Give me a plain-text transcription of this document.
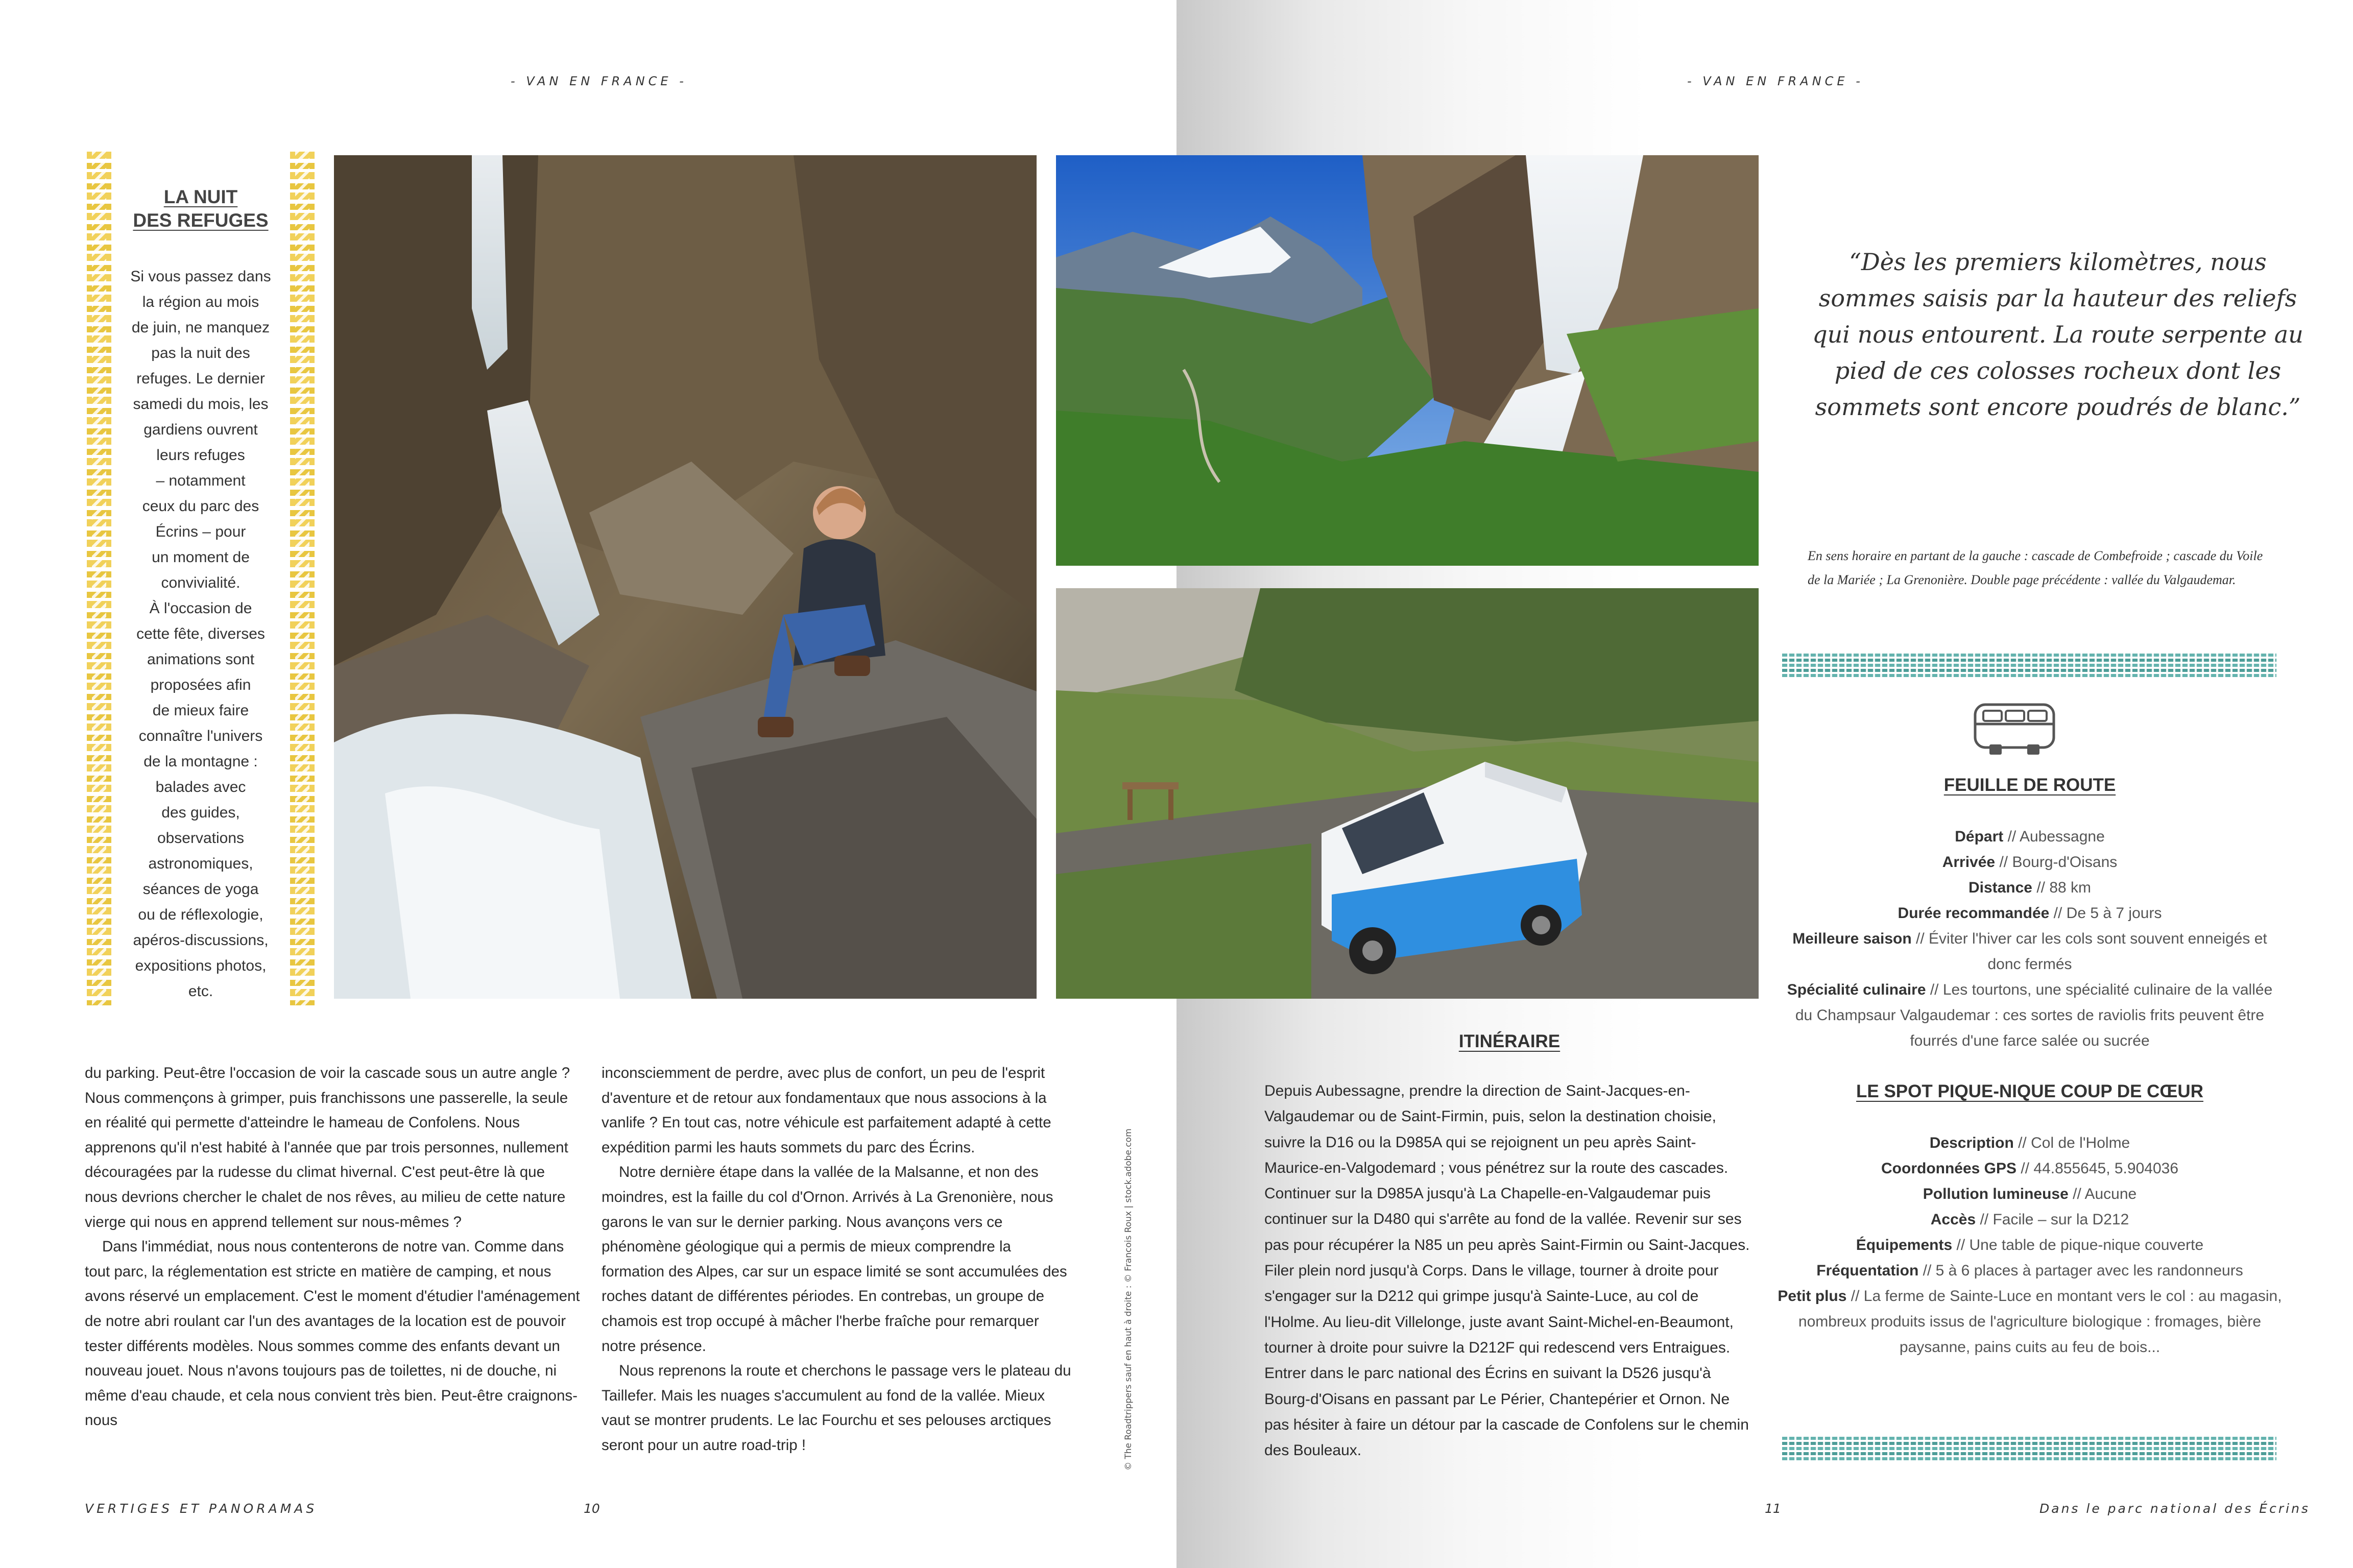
- VAN EN FRANCE -
LA NUIT
DES REFUGES
Si vous passez dans
la région au mois
de juin, ne manquez
pas la nuit des
refuges. Le dernier
samedi du mois, les
gardiens ouvrent
leurs refuges
– notamment
ceux du parc des
Écrins – pour
un moment de
convivialité.
À l'occasion de
cette fête, diverses
animations sont
proposées afin
de mieux faire
connaître l'univers
de la montagne :
balades avec
des guides,
observations
astronomiques,
séances de yoga
ou de réflexologie,
apéros-discussions,
expositions photos,
etc.

du parking. Peut-être l'occasion de voir la cascade sous un autre angle ? Nous commençons à grimper, puis franchissons une passerelle, la seule en réalité qui permette d'atteindre le hameau de Confolens. Nous apprenons qu'il n'est habité à l'année que par trois personnes, nullement découragées par la rudesse du climat hivernal. C'est peut-être là que nous devrions chercher le chalet de nos rêves, au milieu de cette nature vierge qui nous en apprend tellement sur nous-mêmes ?

Dans l'immédiat, nous nous contenterons de notre van. Comme dans tout parc, la réglementation est stricte en matière de camping, et nous avons réservé un emplacement. C'est le moment d'étudier l'aménagement de notre abri roulant car l'un des avantages de la location est de pouvoir tester différents modèles. Nous sommes comme des enfants devant un nouveau jouet. Nous n'avons toujours pas de toilettes, ni de douche, ni même d'eau chaude, et cela nous convient très bien. Peut-être craignons-nous

inconsciemment de perdre, avec plus de confort, un peu de l'esprit d'aventure et de retour aux fondamentaux que nous associons à la vanlife ? En tout cas, notre véhicule est parfaitement adapté à cette expédition parmi les hauts sommets du parc des Écrins.

Notre dernière étape dans la vallée de la Malsanne, et non des moindres, est la faille du col d'Ornon. Arrivés à La Grenonière, nous garons le van sur le dernier parking. Nous avançons vers ce phénomène géologique qui a permis de mieux comprendre la formation des Alpes, car sur un espace limité se sont accumulées des roches datant de différentes périodes. En contrebas, un groupe de chamois est trop occupé à mâcher l'herbe fraîche pour remarquer notre présence.

Nous reprenons la route et cherchons le passage vers le plateau du Taillefer. Mais les nuages s'accumulent au fond de la vallée. Mieux vaut se montrer prudents. Le lac Fourchu et ses pelouses arctiques seront pour un autre road-trip !

VERTIGES ET PANORAMAS	10
© The Roadtrippers sauf en haut à droite : © Francois Roux | stock.adobe.com
- VAN EN FRANCE -
“Dès les premiers kilomètres, nous sommes saisis par la hauteur des reliefs qui nous entourent. La route serpente au pied de ces colosses rocheux dont les sommets sont encore poudrés de blanc.”
En sens horaire en partant de la gauche : cascade de Combefroide ; cascade du Voile de la Mariée ; La Grenonière. Double page précédente : vallée du Valgaudemar.
FEUILLE DE ROUTE
Départ // Aubessagne
Arrivée // Bourg-d'Oisans
Distance // 88 km
Durée recommandée // De 5 à 7 jours
Meilleure saison // Éviter l'hiver car les cols sont souvent enneigés et donc fermés
Spécialité culinaire // Les tourtons, une spécialité culinaire de la vallée du Champsaur Valgaudemar : ces sortes de raviolis frits peuvent être fourrés d'une farce salée ou sucrée
LE SPOT PIQUE-NIQUE COUP DE CŒUR
Description // Col de l'Holme
Coordonnées GPS // 44.855645, 5.904036
Pollution lumineuse // Aucune
Accès // Facile – sur la D212
Équipements // Une table de pique-nique couverte
Fréquentation // 5 à 6 places à partager avec les randonneurs
Petit plus // La ferme de Sainte-Luce en montant vers le col : au magasin, nombreux produits issus de l'agriculture biologique : fromages, bière paysanne, pains cuits au feu de bois...
ITINÉRAIRE
Depuis Aubessagne, prendre la direction de Saint-Jacques-en-Valgaudemar ou de Saint-Firmin, puis, selon la destination choisie, suivre la D16 ou la D985A qui se rejoignent un peu après Saint-Maurice-en-Valgodemard ; vous pénétrez sur la route des cascades. Continuer sur la D985A jusqu'à La Chapelle-en-Valgaudemar puis continuer sur la D480 qui s'arrête au fond de la vallée. Revenir sur ses pas pour récupérer la N85 un peu après Saint-Firmin ou Saint-Jacques. Filer plein nord jusqu'à Corps. Dans le village, tourner à droite pour s'engager sur la D212 qui grimpe jusqu'à Sainte-Luce, au col de l'Holme. Au lieu-dit Villelonge, juste avant Saint-Michel-en-Beaumont, tourner à droite pour suivre la D212F qui redescend vers Entraigues. Entrer dans le parc national des Écrins en suivant la D526 jusqu'à Bourg-d'Oisans en passant par Le Périer, Chantepérier et Ornon. Ne pas hésiter à faire un détour par la cascade de Confolens sur le chemin des Bouleaux.
11	Dans le parc national des Écrins
